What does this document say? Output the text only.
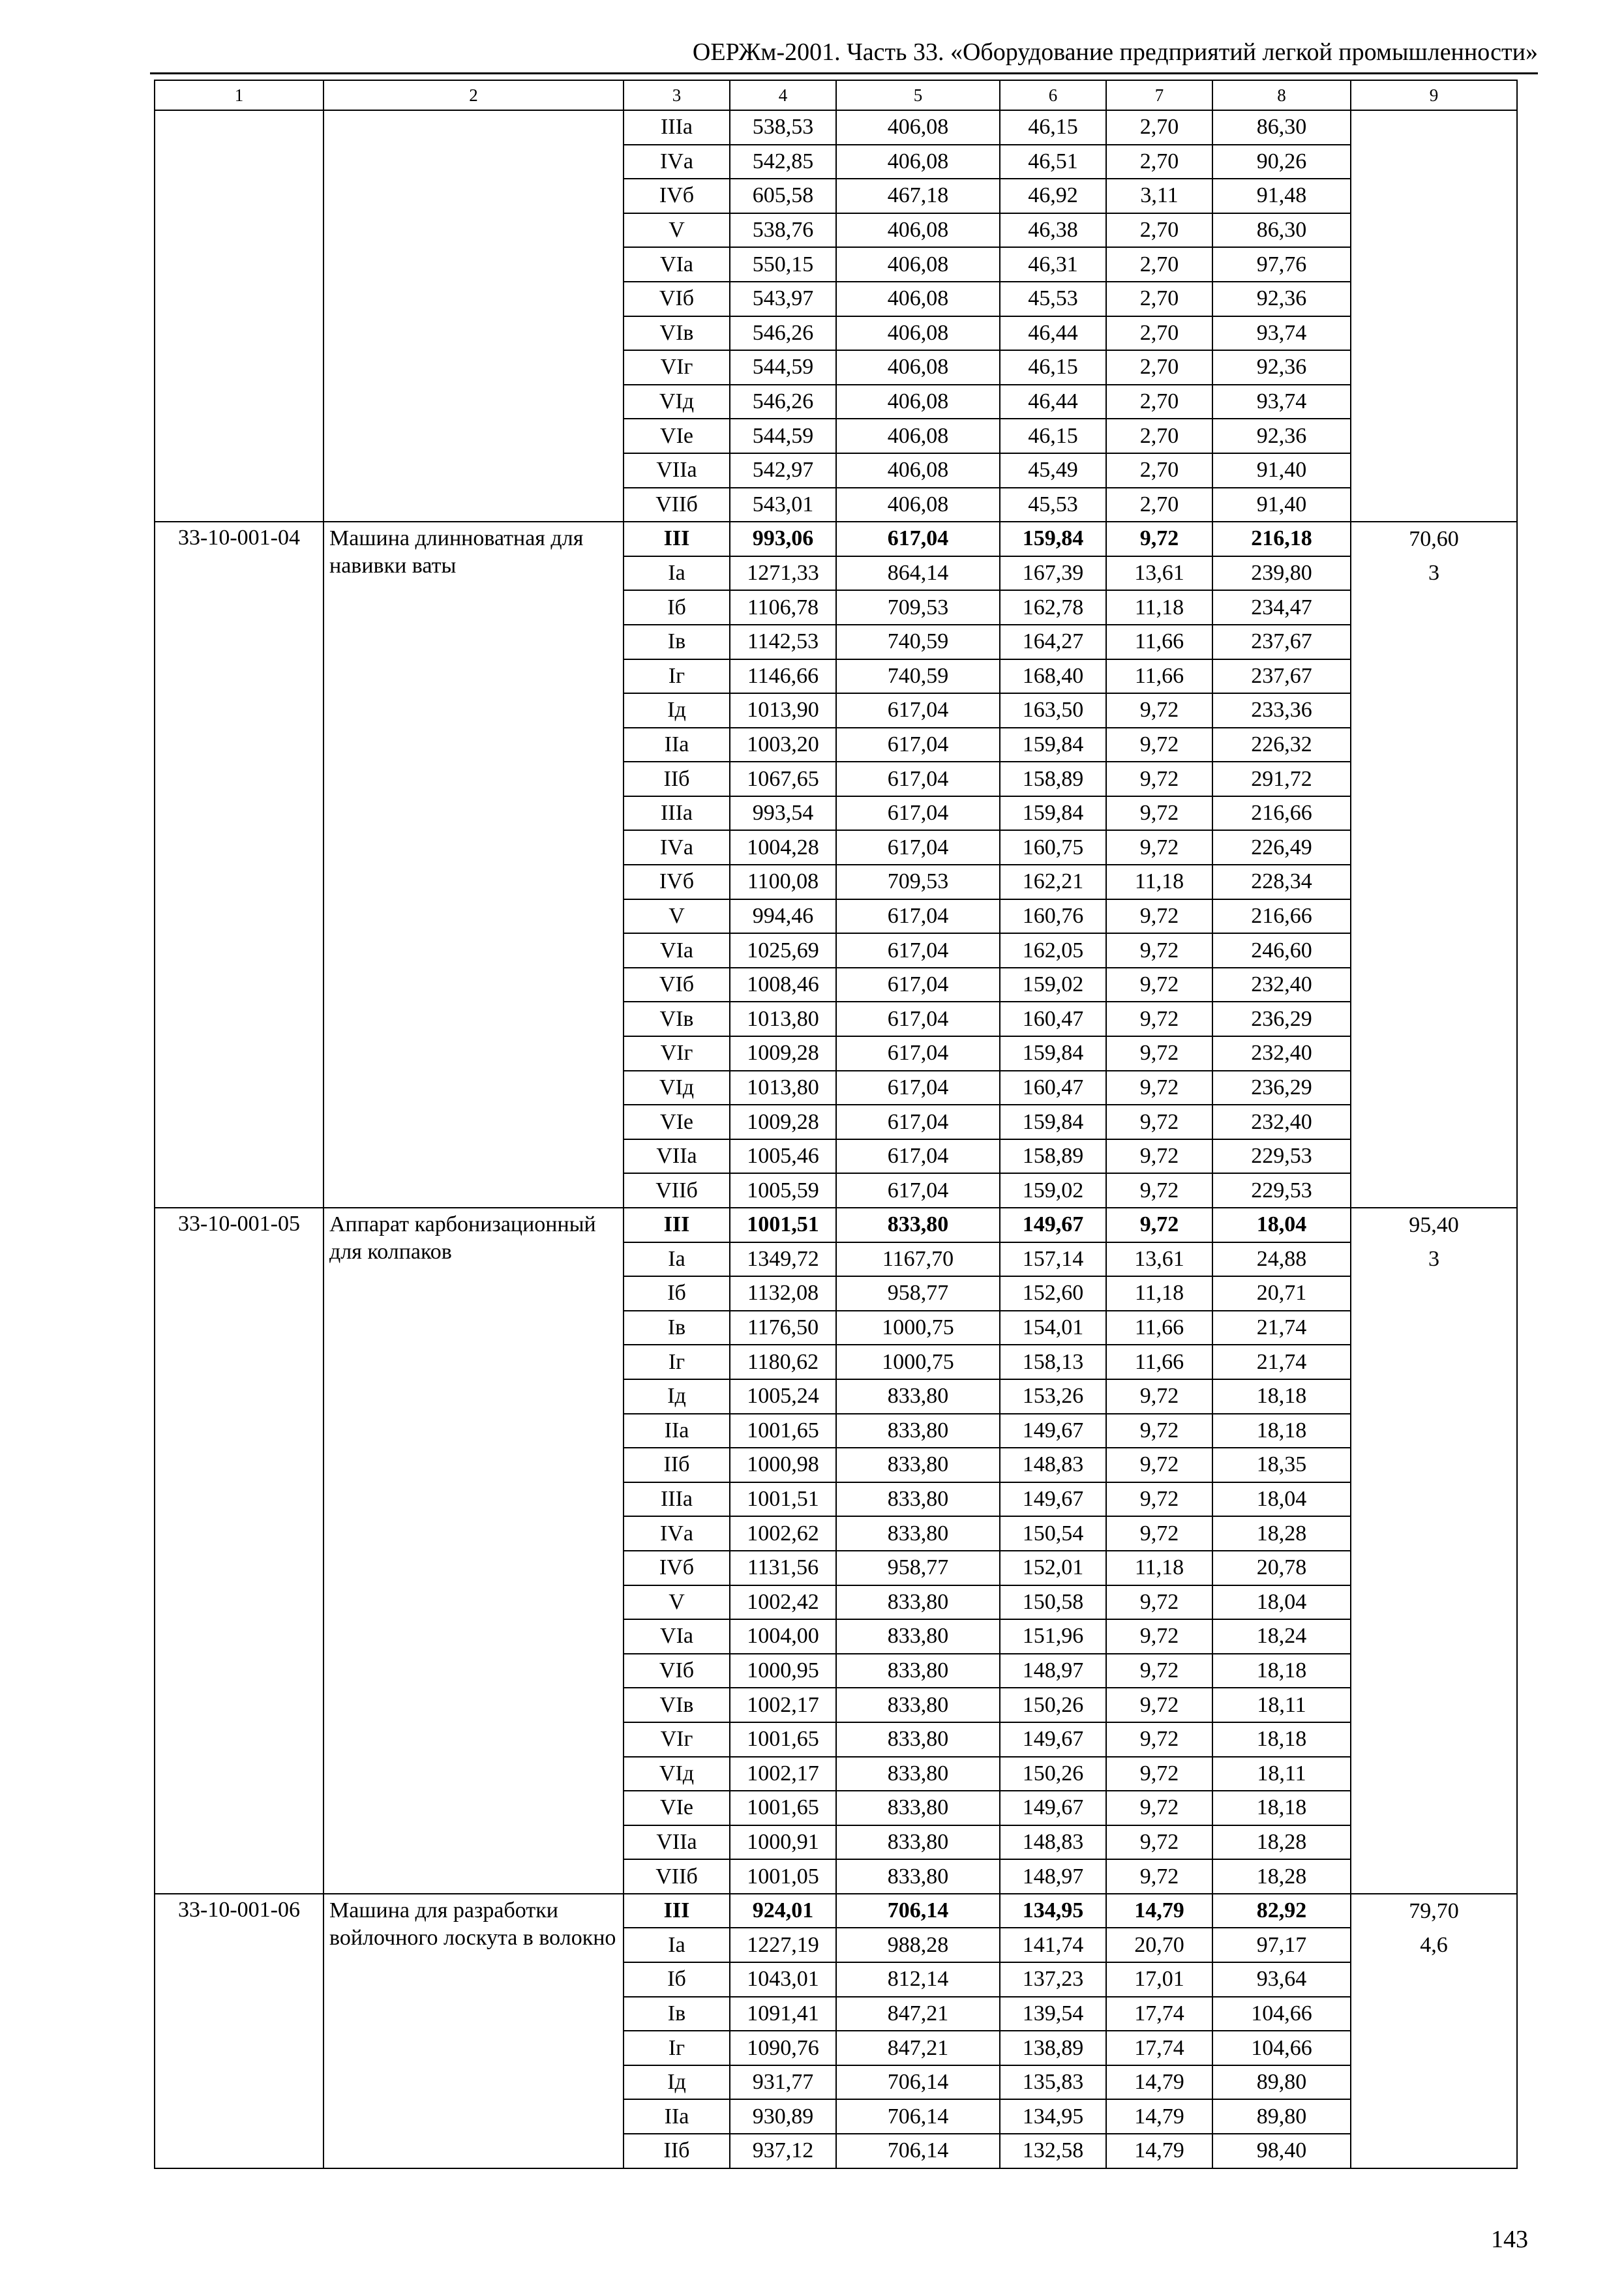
ОЕРЖм-2001. Часть 33. «Оборудование предприятий легкой промышленности»
1	2	3	4	5	6	7	8	9
		IIIа	538,53	406,08	46,15	2,70	86,30	
		IVа	542,85	406,08	46,51	2,70	90,26	
		IVб	605,58	467,18	46,92	3,11	91,48	
		V	538,76	406,08	46,38	2,70	86,30	
		VIа	550,15	406,08	46,31	2,70	97,76	
		VIб	543,97	406,08	45,53	2,70	92,36	
		VIв	546,26	406,08	46,44	2,70	93,74	
		VIг	544,59	406,08	46,15	2,70	92,36	
		VIд	546,26	406,08	46,44	2,70	93,74	
		VIе	544,59	406,08	46,15	2,70	92,36	
		VIIа	542,97	406,08	45,49	2,70	91,40	
		VIIб	543,01	406,08	45,53	2,70	91,40	
33-10-001-04	Машина длинноватная для навивки ваты	III	993,06	617,04	159,84	9,72	216,18	70,60
		Iа	1271,33	864,14	167,39	13,61	239,80	3
		Iб	1106,78	709,53	162,78	11,18	234,47	
		Iв	1142,53	740,59	164,27	11,66	237,67	
		Iг	1146,66	740,59	168,40	11,66	237,67	
		Iд	1013,90	617,04	163,50	9,72	233,36	
		IIа	1003,20	617,04	159,84	9,72	226,32	
		IIб	1067,65	617,04	158,89	9,72	291,72	
		IIIа	993,54	617,04	159,84	9,72	216,66	
		IVа	1004,28	617,04	160,75	9,72	226,49	
		IVб	1100,08	709,53	162,21	11,18	228,34	
		V	994,46	617,04	160,76	9,72	216,66	
		VIа	1025,69	617,04	162,05	9,72	246,60	
		VIб	1008,46	617,04	159,02	9,72	232,40	
		VIв	1013,80	617,04	160,47	9,72	236,29	
		VIг	1009,28	617,04	159,84	9,72	232,40	
		VIд	1013,80	617,04	160,47	9,72	236,29	
		VIе	1009,28	617,04	159,84	9,72	232,40	
		VIIа	1005,46	617,04	158,89	9,72	229,53	
		VIIб	1005,59	617,04	159,02	9,72	229,53	
33-10-001-05	Аппарат карбонизационный для колпаков	III	1001,51	833,80	149,67	9,72	18,04	95,40
		Iа	1349,72	1167,70	157,14	13,61	24,88	3
		Iб	1132,08	958,77	152,60	11,18	20,71	
		Iв	1176,50	1000,75	154,01	11,66	21,74	
		Iг	1180,62	1000,75	158,13	11,66	21,74	
		Iд	1005,24	833,80	153,26	9,72	18,18	
		IIа	1001,65	833,80	149,67	9,72	18,18	
		IIб	1000,98	833,80	148,83	9,72	18,35	
		IIIа	1001,51	833,80	149,67	9,72	18,04	
		IVа	1002,62	833,80	150,54	9,72	18,28	
		IVб	1131,56	958,77	152,01	11,18	20,78	
		V	1002,42	833,80	150,58	9,72	18,04	
		VIа	1004,00	833,80	151,96	9,72	18,24	
		VIб	1000,95	833,80	148,97	9,72	18,18	
		VIв	1002,17	833,80	150,26	9,72	18,11	
		VIг	1001,65	833,80	149,67	9,72	18,18	
		VIд	1002,17	833,80	150,26	9,72	18,11	
		VIе	1001,65	833,80	149,67	9,72	18,18	
		VIIа	1000,91	833,80	148,83	9,72	18,28	
		VIIб	1001,05	833,80	148,97	9,72	18,28	
33-10-001-06	Машина для разработки войлочного лоскута в волокно	III	924,01	706,14	134,95	14,79	82,92	79,70
		Iа	1227,19	988,28	141,74	20,70	97,17	4,6
		Iб	1043,01	812,14	137,23	17,01	93,64	
		Iв	1091,41	847,21	139,54	17,74	104,66	
		Iг	1090,76	847,21	138,89	17,74	104,66	
		Iд	931,77	706,14	135,83	14,79	89,80	
		IIа	930,89	706,14	134,95	14,79	89,80	
		IIб	937,12	706,14	132,58	14,79	98,40	
143
